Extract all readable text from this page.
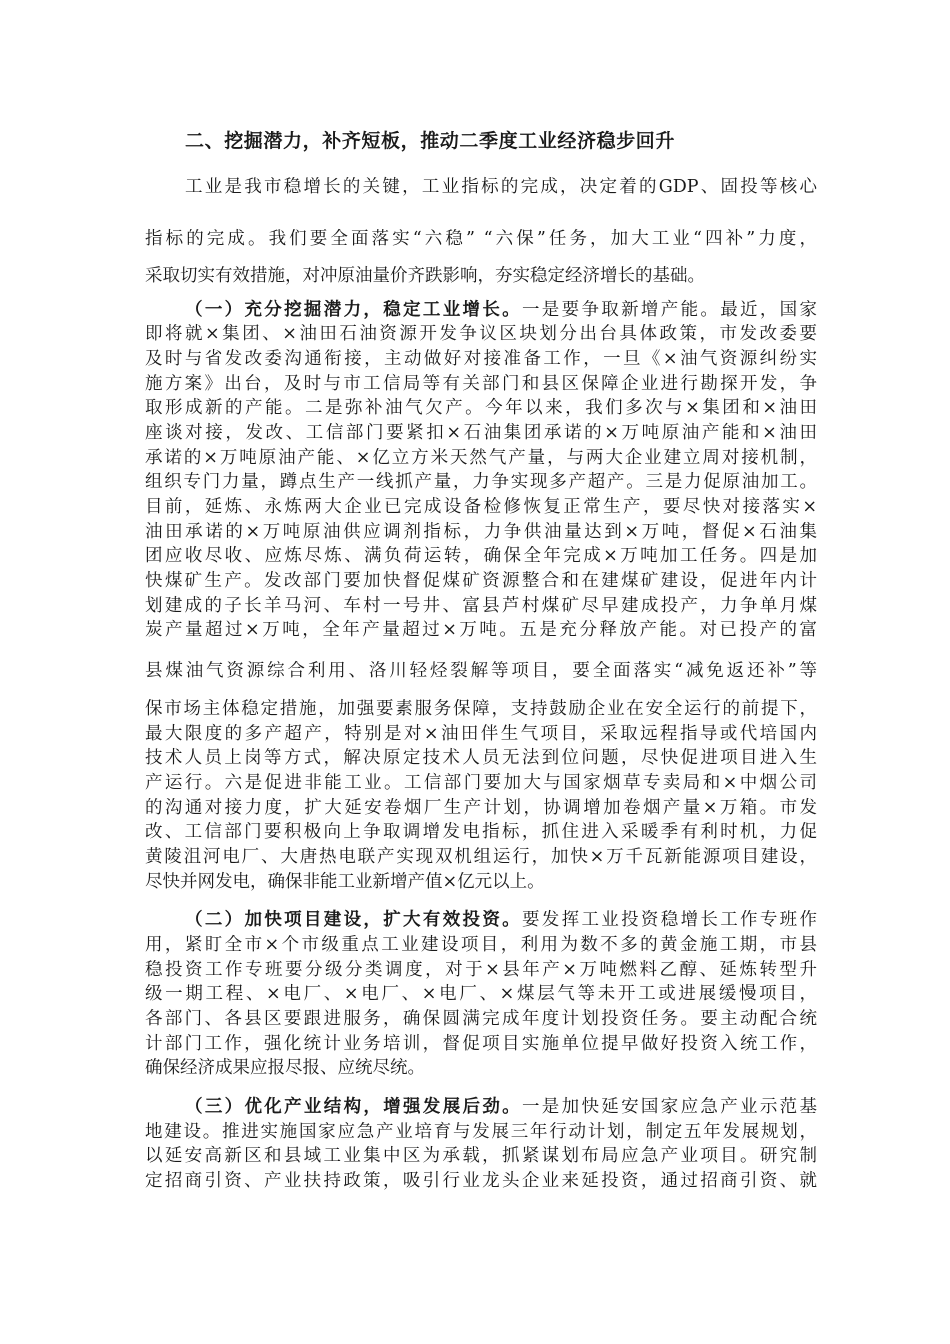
二、挖掘潜力，补齐短板，推动二季度工业经济稳步回升
工业是我市稳增长的关键，工业指标的完成，决定着的GDP、固投等核心
指标的完成。我们要全面落实“六稳” “六保”任务，加大工业“四补”力度，
采取切实有效措施，对冲原油量价齐跌影响，夯实稳定经济增长的基础。
（一）充分挖掘潜力，稳定工业增长。一是要争取新增产能。最近，国家
即将就×集团、×油田石油资源开发争议区块划分出台具体政策，市发改委要
及时与省发改委沟通衔接，主动做好对接准备工作，一旦《×油气资源纠纷实
施方案》出台，及时与市工信局等有关部门和县区保障企业进行勘探开发，争
取形成新的产能。二是弥补油气欠产。今年以来，我们多次与×集团和×油田
座谈对接，发改、工信部门要紧扣×石油集团承诺的×万吨原油产能和×油田
承诺的×万吨原油产能、×亿立方米天然气产量，与两大企业建立周对接机制，
组织专门力量，蹲点生产一线抓产量，力争实现多产超产。三是力促原油加工。
目前，延炼、永炼两大企业已完成设备检修恢复正常生产，要尽快对接落实×
油田承诺的×万吨原油供应调剂指标，力争供油量达到×万吨，督促×石油集
团应收尽收、应炼尽炼、满负荷运转，确保全年完成×万吨加工任务。四是加
快煤矿生产。发改部门要加快督促煤矿资源整合和在建煤矿建设，促进年内计
划建成的子长羊马河、车村一号井、富县芦村煤矿尽早建成投产，力争单月煤
炭产量超过×万吨，全年产量超过×万吨。五是充分释放产能。对已投产的富
县煤油气资源综合利用、洛川轻烃裂解等项目，要全面落实“减免返还补”等
保市场主体稳定措施，加强要素服务保障，支持鼓励企业在安全运行的前提下，
最大限度的多产超产，特别是对×油田伴生气项目，采取远程指导或代培国内
技术人员上岗等方式，解决原定技术人员无法到位问题，尽快促进项目进入生
产运行。六是促进非能工业。工信部门要加大与国家烟草专卖局和×中烟公司
的沟通对接力度，扩大延安卷烟厂生产计划，协调增加卷烟产量×万箱。市发
改、工信部门要积极向上争取调增发电指标，抓住进入采暖季有利时机，力促
黄陵沮河电厂、大唐热电联产实现双机组运行，加快×万千瓦新能源项目建设，
尽快并网发电，确保非能工业新增产值×亿元以上。
（二）加快项目建设，扩大有效投资。要发挥工业投资稳增长工作专班作
用，紧盯全市×个市级重点工业建设项目，利用为数不多的黄金施工期，市县
稳投资工作专班要分级分类调度，对于×县年产×万吨燃料乙醇、延炼转型升
级一期工程、×电厂、×电厂、×电厂、×煤层气等未开工或进展缓慢项目，
各部门、各县区要跟进服务，确保圆满完成年度计划投资任务。要主动配合统
计部门工作，强化统计业务培训，督促项目实施单位提早做好投资入统工作，
确保经济成果应报尽报、应统尽统。
（三）优化产业结构，增强发展后劲。一是加快延安国家应急产业示范基
地建设。推进实施国家应急产业培育与发展三年行动计划，制定五年发展规划，
以延安高新区和县域工业集中区为承载，抓紧谋划布局应急产业项目。研究制
定招商引资、产业扶持政策，吸引行业龙头企业来延投资，通过招商引资、就
